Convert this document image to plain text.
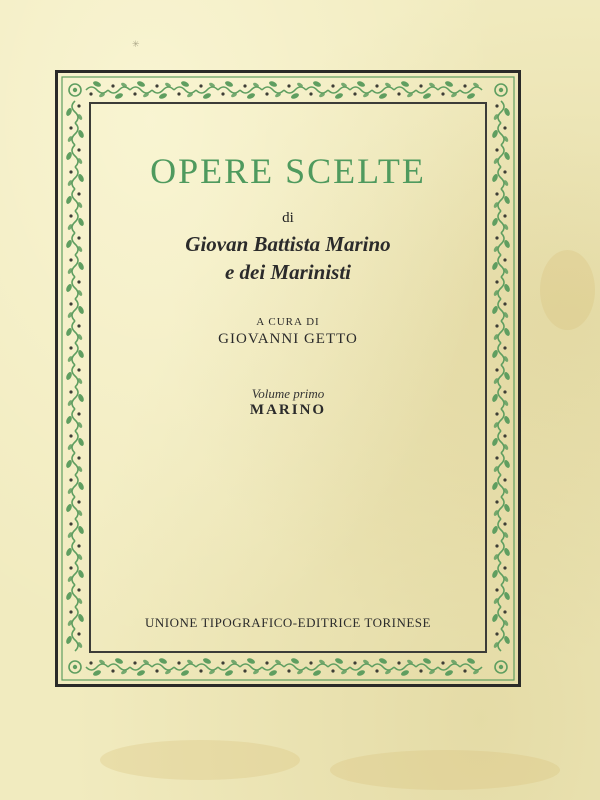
✳
OPERE SCELTE
di
Giovan Battista Marino
e dei Marinisti
A CURA DI
GIOVANNI GETTO
Volume primo
MARINO
UNIONE TIPOGRAFICO-EDITRICE TORINESE
